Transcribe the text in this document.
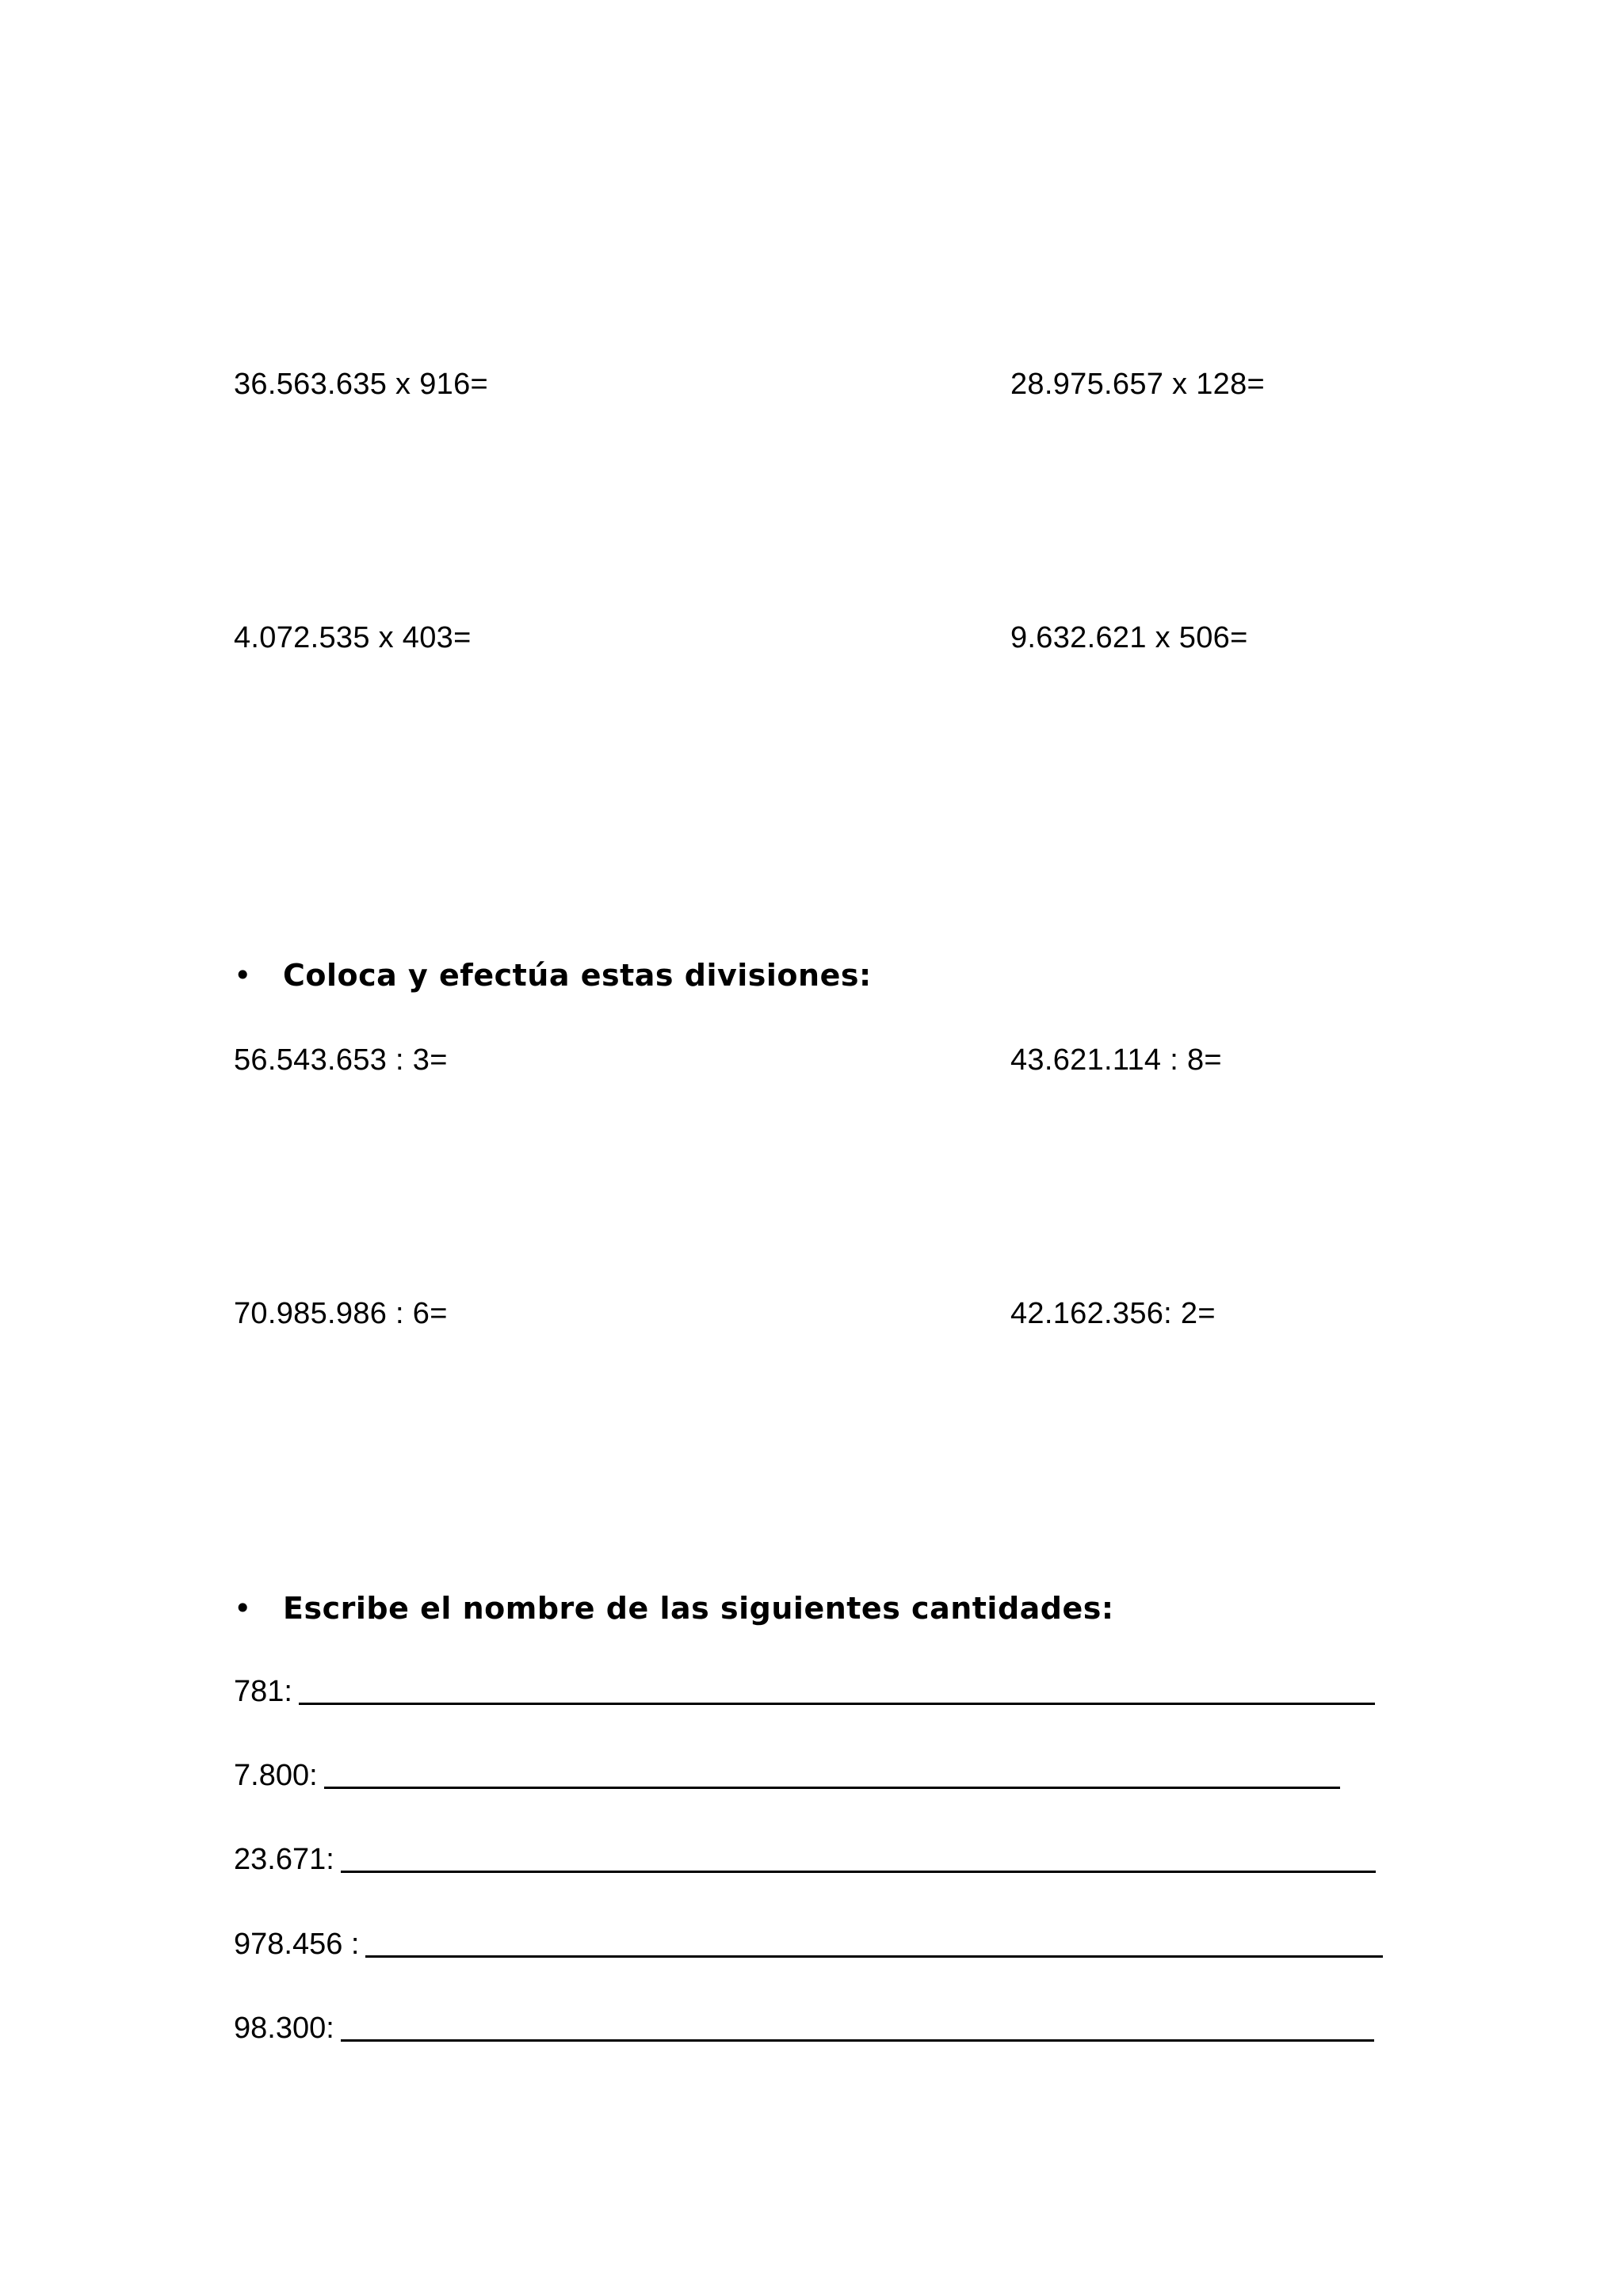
36.563.635 x 916=	28.975.657 x 128=
4.072.535 x 403=	9.632.621 x 506=
• Coloca y efectúa estas divisiones:
56.543.653 : 3=	43.621.114 : 8=
70.985.986 : 6=	42.162.356: 2=
• Escribe el nombre de las siguientes cantidades:
781:
7.800:
23.671:
978.456 :
98.300:
